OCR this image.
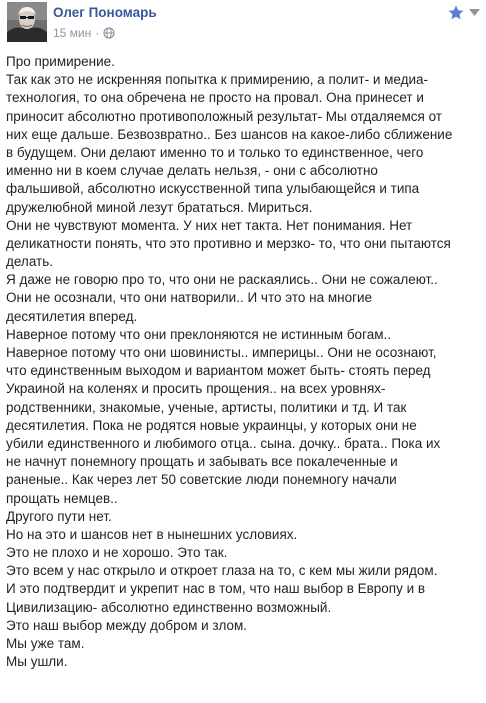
Олег Пономарь
15 мин ·
Про примирение.
Так как это не искренняя попытка к примирению, а полит- и медиа-
технология, то она обречена не просто на провал. Она принесет и
приносит абсолютно противоположный результат- Мы отдаляемся от
них еще дальше. Безвозвратно.. Без шансов на какое-либо сближение
в будущем. Они делают именно то и только то единственное, чего
именно ни в коем случае делать нельзя, - они с абсолютно
фальшивой, абсолютно искусственной типа улыбающейся и типа
дружелюбной миной лезут брататься. Мириться.
Они не чувствуют момента. У них нет такта. Нет понимания. Нет
деликатности понять, что это противно и мерзко- то, что они пытаются
делать.
Я даже не говорю про то, что они не раскаялись.. Они не сожалеют..
Они не осознали, что они натворили.. И что это на многие
десятилетия вперед.
Наверное потому что они преклоняются не истинным богам..
Наверное потому что они шовинисты.. империцы.. Они не осознают,
что единственным выходом и вариантом может быть- стоять перед
Украиной на коленях и просить прощения.. на всех уровнях-
родственники, знакомые, ученые, артисты, политики и тд. И так
десятилетия. Пока не родятся новые украинцы, у которых они не
убили единственного и любимого отца.. сына. дочку.. брата.. Пока их
не начнут понемногу прощать и забывать все покалеченные и
раненые.. Как через лет 50 советские люди понемногу начали
прощать немцев..
Другого пути нет.
Но на это и шансов нет в нынешних условиях.
Это не плохо и не хорошо. Это так.
Это всем у нас открыло и откроет глаза на то, с кем мы жили рядом.
И это подтвердит и укрепит нас в том, что наш выбор в Европу и в
Цивилизацию- абсолютно единственно возможный.
Это наш выбор между добром и злом.
Мы уже там.
Мы ушли.
